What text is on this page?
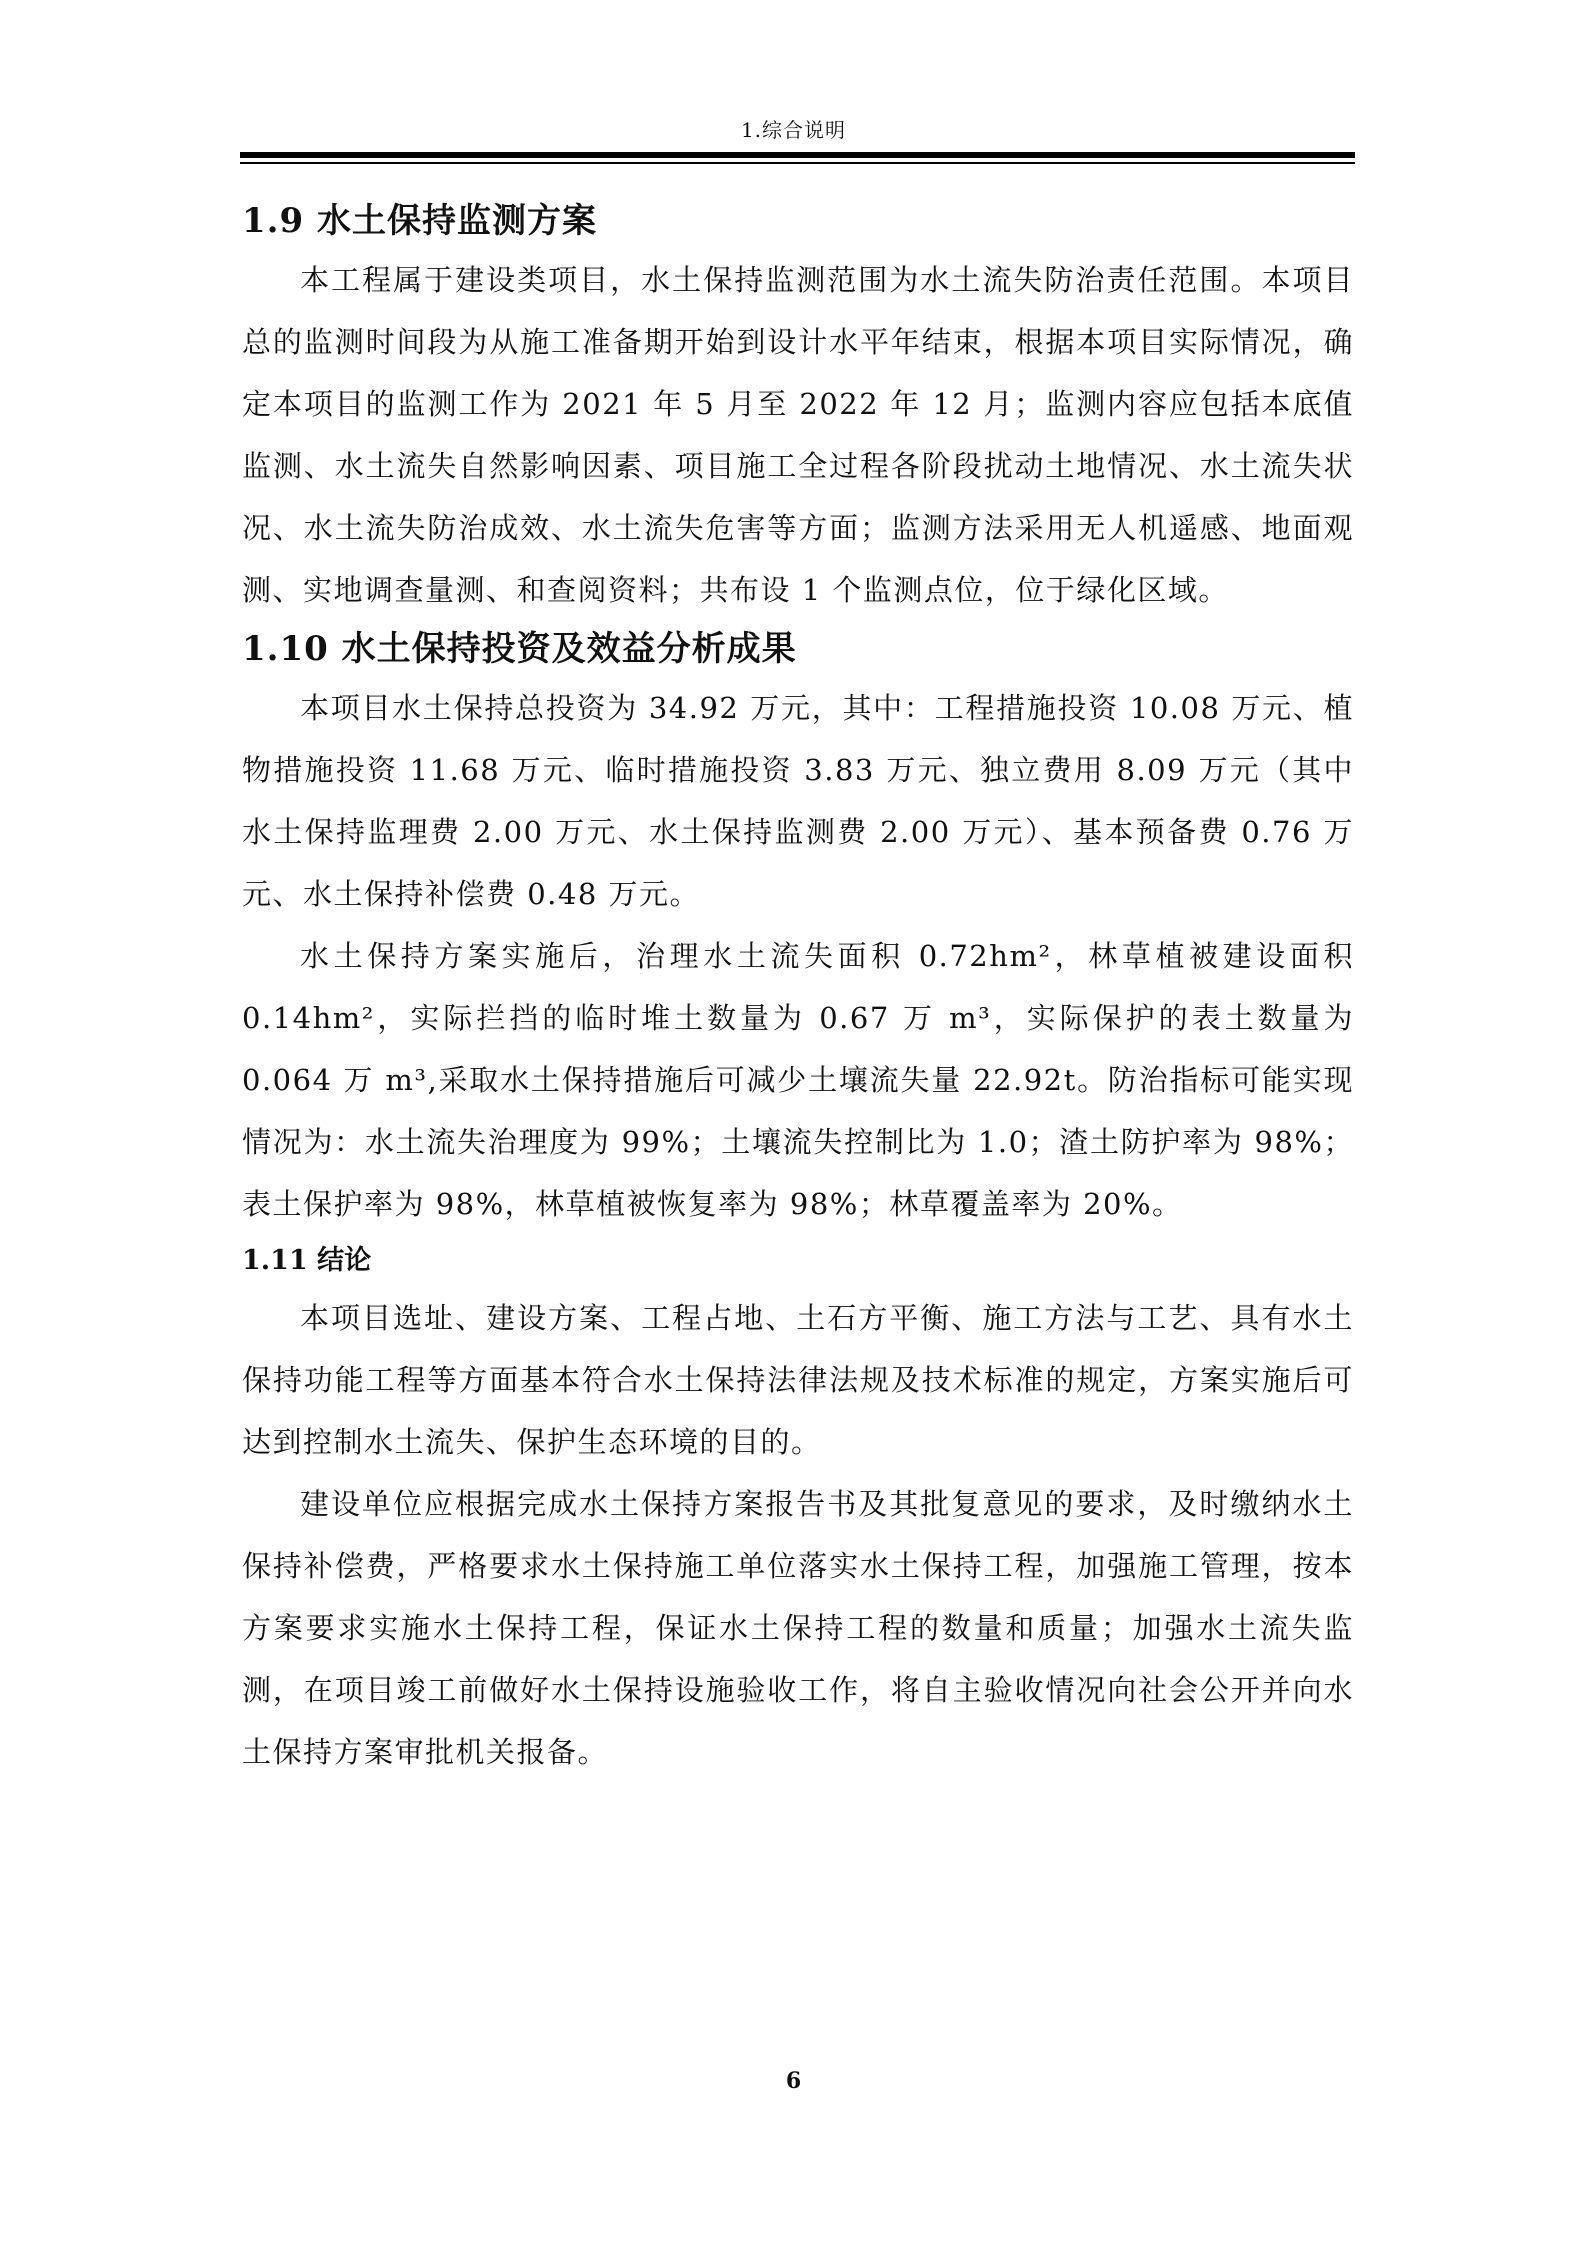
1.综合说明
1.9 水土保持监测方案

本工程属于建设类项目，水土保持监测范围为水土流失防治责任范围。本项目总的监测时间段为从施工准备期开始到设计水平年结束，根据本项目实际情况，确定本项目的监测工作为 2021 年 5 月至 2022 年 12 月；监测内容应包括本底值监测、水土流失自然影响因素、项目施工全过程各阶段扰动土地情况、水土流失状况、水土流失防治成效、水土流失危害等方面；监测方法采用无人机遥感、地面观测、实地调查量测、和查阅资料；共布设 1 个监测点位，位于绿化区域。

1.10 水土保持投资及效益分析成果

本项目水土保持总投资为 34.92 万元，其中：工程措施投资 10.08 万元、植物措施投资 11.68 万元、临时措施投资 3.83 万元、独立费用 8.09 万元（其中水土保持监理费 2.00 万元、水土保持监测费 2.00 万元）、基本预备费 0.76 万元、水土保持补偿费 0.48 万元。

水土保持方案实施后，治理水土流失面积 0.72hm²，林草植被建设面积 0.14hm²，实际拦挡的临时堆土数量为 0.67 万 m³，实际保护的表土数量为 0.064 万 m³,采取水土保持措施后可减少土壤流失量 22.92t。防治指标可能实现情况为：水土流失治理度为 99%；土壤流失控制比为 1.0；渣土防护率为 98%；表土保护率为 98%，林草植被恢复率为 98%；林草覆盖率为 20%。

1.11 结论

本项目选址、建设方案、工程占地、土石方平衡、施工方法与工艺、具有水土保持功能工程等方面基本符合水土保持法律法规及技术标准的规定，方案实施后可达到控制水土流失、保护生态环境的目的。

建设单位应根据完成水土保持方案报告书及其批复意见的要求，及时缴纳水土保持补偿费，严格要求水土保持施工单位落实水土保持工程，加强施工管理，按本方案要求实施水土保持工程，保证水土保持工程的数量和质量；加强水土流失监测，在项目竣工前做好水土保持设施验收工作，将自主验收情况向社会公开并向水土保持方案审批机关报备。

6
